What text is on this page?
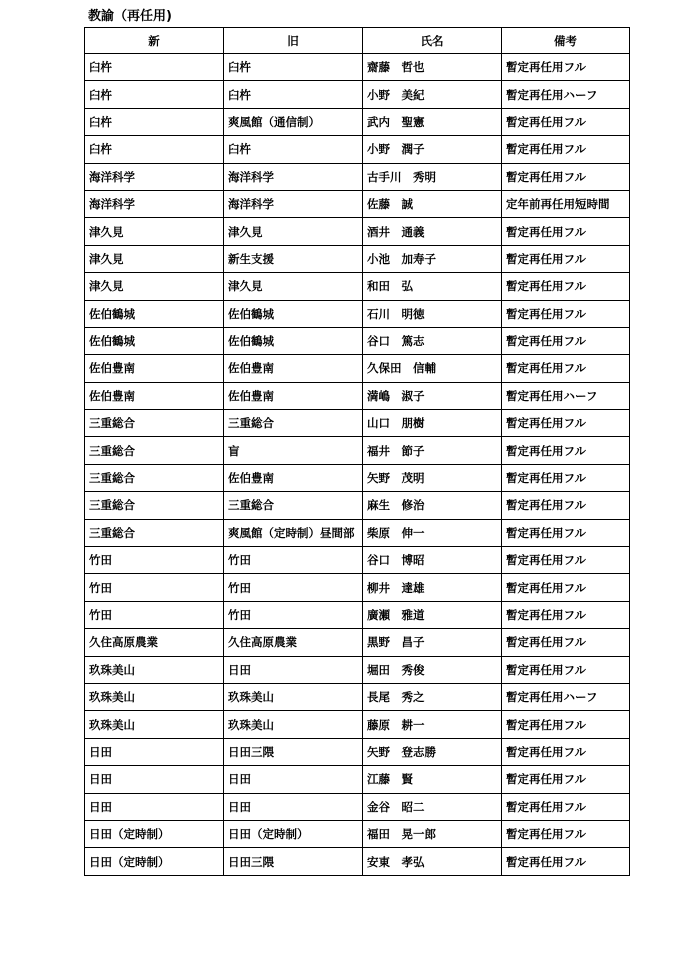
教諭（再任用)
新	旧	氏名	備考
臼杵	臼杵	齋藤　哲也	暫定再任用フル
臼杵	臼杵	小野　美紀	暫定再任用ハーフ
臼杵	爽風館（通信制）	武内　聖憲	暫定再任用フル
臼杵	臼杵	小野　潤子	暫定再任用フル
海洋科学	海洋科学	古手川　秀明	暫定再任用フル
海洋科学	海洋科学	佐藤　誠	定年前再任用短時間
津久見	津久見	酒井　通義	暫定再任用フル
津久見	新生支援	小池　加寿子	暫定再任用フル
津久見	津久見	和田　弘	暫定再任用フル
佐伯鶴城	佐伯鶴城	石川　明徳	暫定再任用フル
佐伯鶴城	佐伯鶴城	谷口　篤志	暫定再任用フル
佐伯豊南	佐伯豊南	久保田　信輔	暫定再任用フル
佐伯豊南	佐伯豊南	満嶋　淑子	暫定再任用ハーフ
三重総合	三重総合	山口　朋樹	暫定再任用フル
三重総合	盲	福井　節子	暫定再任用フル
三重総合	佐伯豊南	矢野　茂明	暫定再任用フル
三重総合	三重総合	麻生　修治	暫定再任用フル
三重総合	爽風館（定時制）昼間部	柴原　伸一	暫定再任用フル
竹田	竹田	谷口　博昭	暫定再任用フル
竹田	竹田	柳井　達雄	暫定再任用フル
竹田	竹田	廣瀬　雅道	暫定再任用フル
久住高原農業	久住高原農業	黒野　昌子	暫定再任用フル
玖珠美山	日田	堀田　秀俊	暫定再任用フル
玖珠美山	玖珠美山	長尾　秀之	暫定再任用ハーフ
玖珠美山	玖珠美山	藤原　耕一	暫定再任用フル
日田	日田三隈	矢野　登志勝	暫定再任用フル
日田	日田	江藤　賢	暫定再任用フル
日田	日田	金谷　昭二	暫定再任用フル
日田（定時制）	日田（定時制）	福田　晃一郎	暫定再任用フル
日田（定時制）	日田三隈	安東　孝弘	暫定再任用フル
